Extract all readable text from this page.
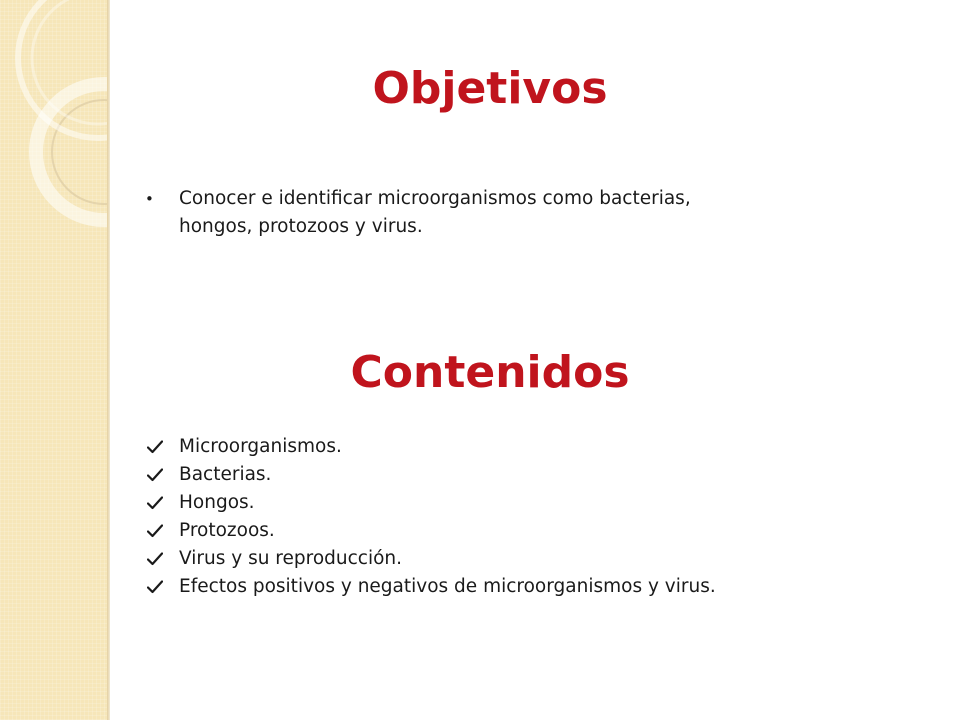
Objetivos
•	Conocer e identificar microorganismos como bacterias, hongos, protozoos y virus.
Contenidos
Microorganismos.
Bacterias.
Hongos.
Protozoos.
Virus y su reproducción.
Efectos positivos y negativos de microorganismos y virus.
